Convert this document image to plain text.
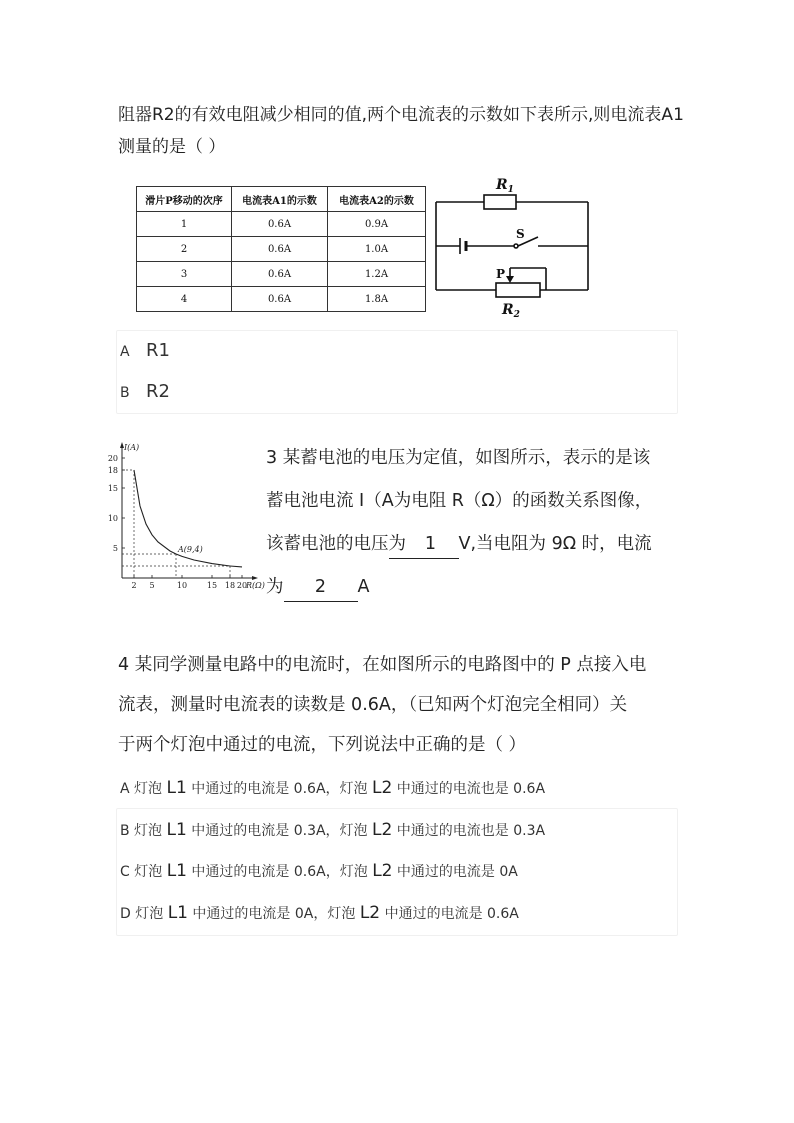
阻器R2的有效电阻减少相同的值,两个电流表的示数如下表所示,则电流表A1
测量的是（ ）
滑片P移动的次序	电流表A1的示数	电流表A2的示数
1	0.6A	0.9A
2	0.6A	1.0A
3	0.6A	1.2A
4	0.6A	1.8A
$R_1$
S
P
$R_2$
A R1
B R2
2 5	10 15 18 20
5
10
15
18
20
I(A)
R(Ω)
A(9,4)
3 某蓄电池的电压为定值，如图所示，表示的是该
蓄电池电流 I（A为电阻 R（Ω）的函数关系图像，
该蓄电池的电压为 1 V,当电阻为 9Ω 时，电流
为 2 A
4 某同学测量电路中的电流时，在如图所示的电路图中的 P 点接入电
流表，测量时电流表的读数是 0.6A，（已知两个灯泡完全相同）关
于两个灯泡中通过的电流，下列说法中正确的是（ ）
A 灯泡 L1 中通过的电流是 0.6A，灯泡 L2 中通过的电流也是 0.6A
B 灯泡 L1 中通过的电流是 0.3A，灯泡 L2 中通过的电流也是 0.3A
C 灯泡 L1 中通过的电流是 0.6A，灯泡 L2 中通过的电流是 0A
D 灯泡 L1 中通过的电流是 0A，灯泡 L2 中通过的电流是 0.6A
